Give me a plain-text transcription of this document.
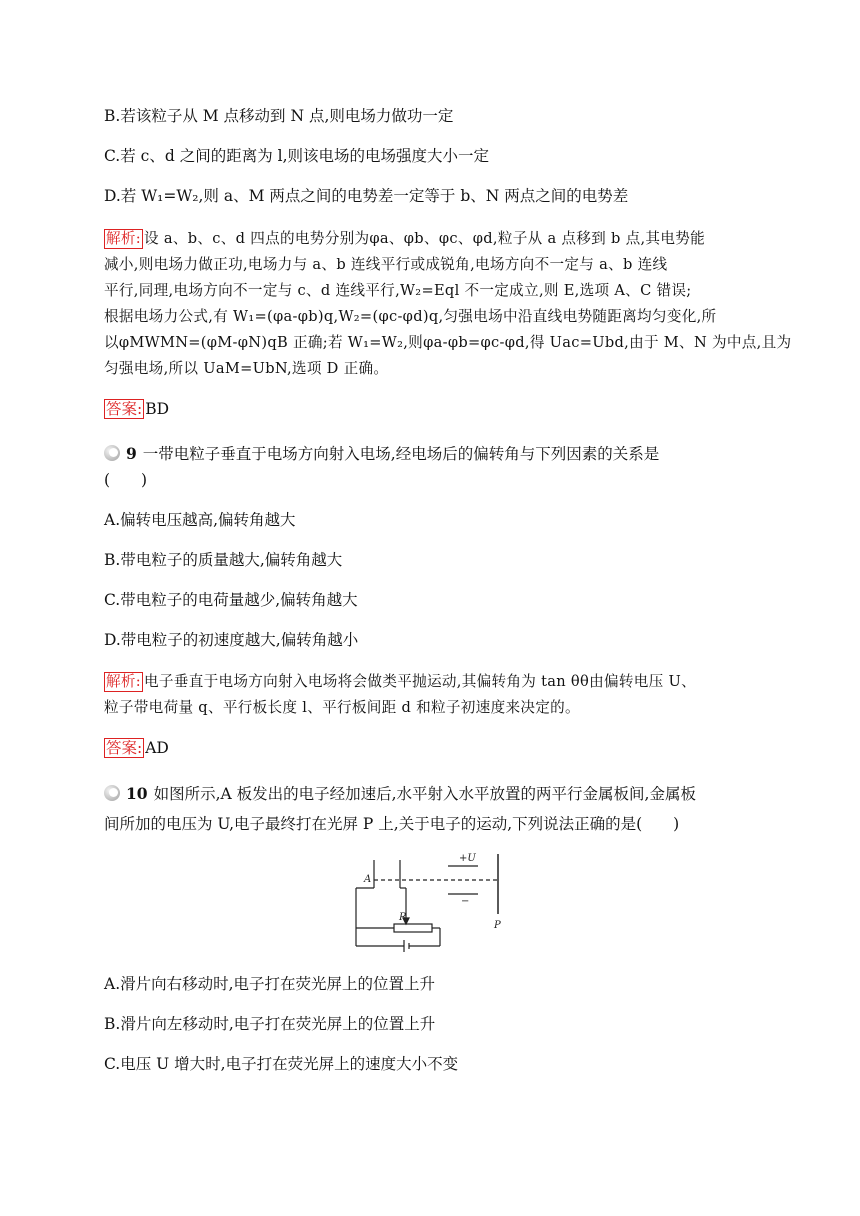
B.若该粒子从 M 点移动到 N 点,则电场力做功一定
C.若 c、d 之间的距离为 l,则该电场的电场强度大小一定
D.若 W₁=W₂,则 a、M 两点之间的电势差一定等于 b、N 两点之间的电势差
解析: 设 a、b、c、d 四点的电势分别为φa、φb、φc、φd,粒子从 a 点移到 b 点,其电势能
减小,则电场力做正功,电场力与 a、b 连线平行或成锐角,电场方向不一定与 a、b 连线
平行,同理,电场方向不一定与 c、d 连线平行,W₂=Eql 不一定成立,则 E,选项 A、C 错误;
根据电场力公式,有 W₁=(φa-φb)q,W₂=(φc-φd)q,匀强电场中沿直线电势随距离均匀变化,所
以φMWMN=(φM-φN)qB 正确;若 W₁=W₂,则φa-φb=φc-φd,得 Uac=Ubd,由于 M、N 为中点,且为
匀强电场,所以 UaM=UbN,选项 D 正确。
答案: BD
9 一带电粒子垂直于电场方向射入电场,经电场后的偏转角与下列因素的关系是
(　　)
A.偏转电压越高,偏转角越大
B.带电粒子的质量越大,偏转角越大
C.带电粒子的电荷量越少,偏转角越大
D.带电粒子的初速度越大,偏转角越小
解析: 电子垂直于电场方向射入电场将会做类平抛运动,其偏转角为 tan θθ由偏转电压 U、
粒子带电荷量 q、平行板长度 l、平行板间距 d 和粒子初速度来决定的。
答案: AD
10 如图所示,A 板发出的电子经加速后,水平射入水平放置的两平行金属板间,金属板
间所加的电压为 U,电子最终打在光屏 P 上,关于电子的运动,下列说法正确的是(　　)
+U
−
A
R
P
A.滑片向右移动时,电子打在荧光屏上的位置上升
B.滑片向左移动时,电子打在荧光屏上的位置上升
C.电压 U 增大时,电子打在荧光屏上的速度大小不变
